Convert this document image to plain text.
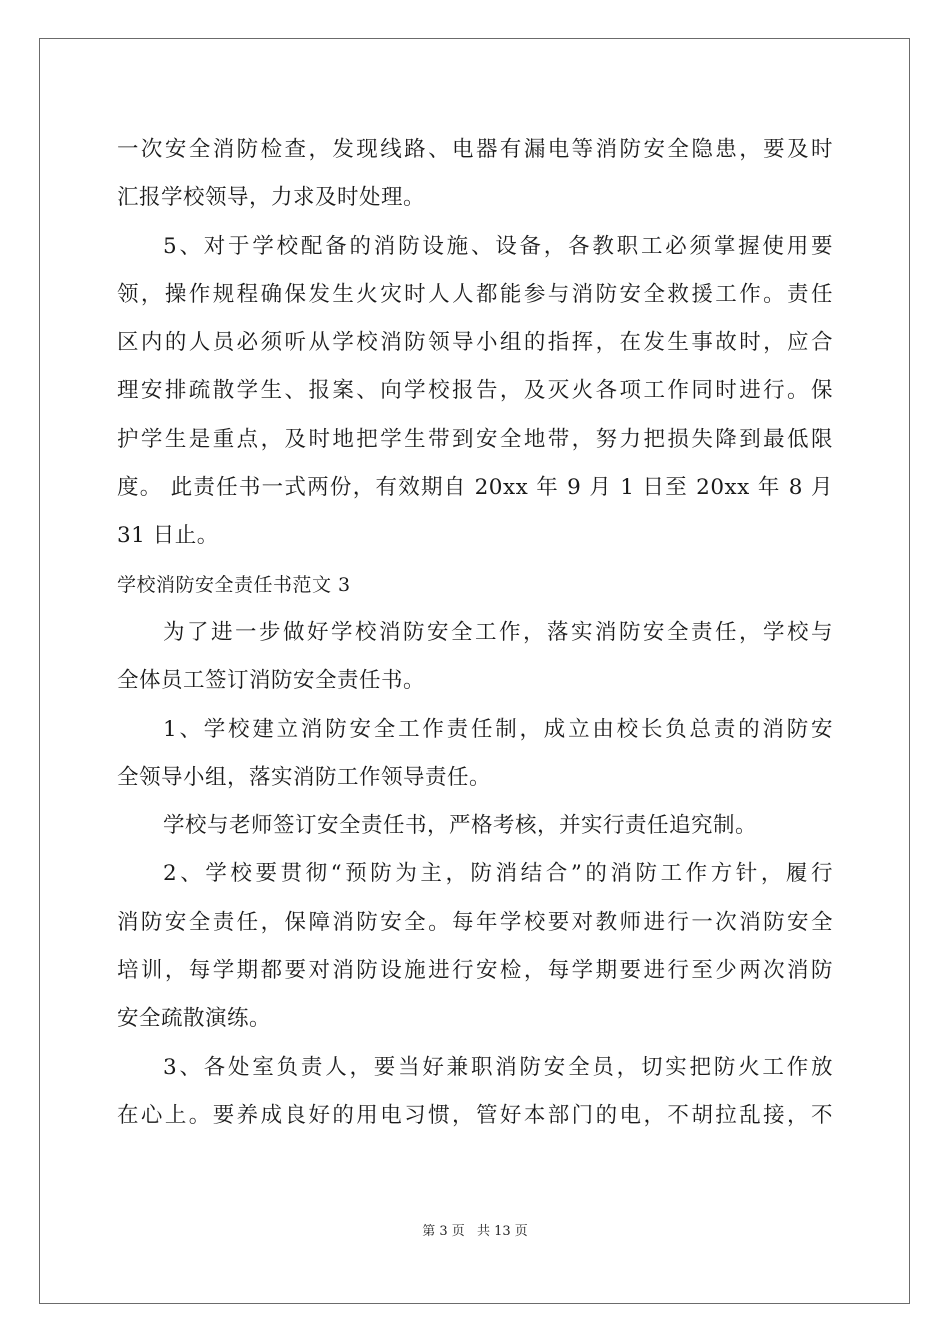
一次安全消防检查，发现线路、电器有漏电等消防安全隐患，要及时
汇报学校领导，力求及时处理。
5、对于学校配备的消防设施、设备，各教职工必须掌握使用要
领，操作规程确保发生火灾时人人都能参与消防安全救援工作。责任
区内的人员必须听从学校消防领导小组的指挥，在发生事故时，应合
理安排疏散学生、报案、向学校报告，及灭火各项工作同时进行。保
护学生是重点，及时地把学生带到安全地带，努力把损失降到最低限
度。 此责任书一式两份，有效期自 20xx 年 9 月 1 日至 20xx 年 8 月
31 日止。
学校消防安全责任书范文 3
为了进一步做好学校消防安全工作，落实消防安全责任，学校与
全体员工签订消防安全责任书。
1、学校建立消防安全工作责任制，成立由校长负总责的消防安
全领导小组，落实消防工作领导责任。
学校与老师签订安全责任书，严格考核，并实行责任追究制。
2、学校要贯彻“预防为主，防消结合”的消防工作方针，履行
消防安全责任，保障消防安全。每年学校要对教师进行一次消防安全
培训，每学期都要对消防设施进行安检，每学期要进行至少两次消防
安全疏散演练。
3、各处室负责人，要当好兼职消防安全员，切实把防火工作放
在心上。要养成良好的用电习惯，管好本部门的电，不胡拉乱接，不
第 3 页 共 13 页
